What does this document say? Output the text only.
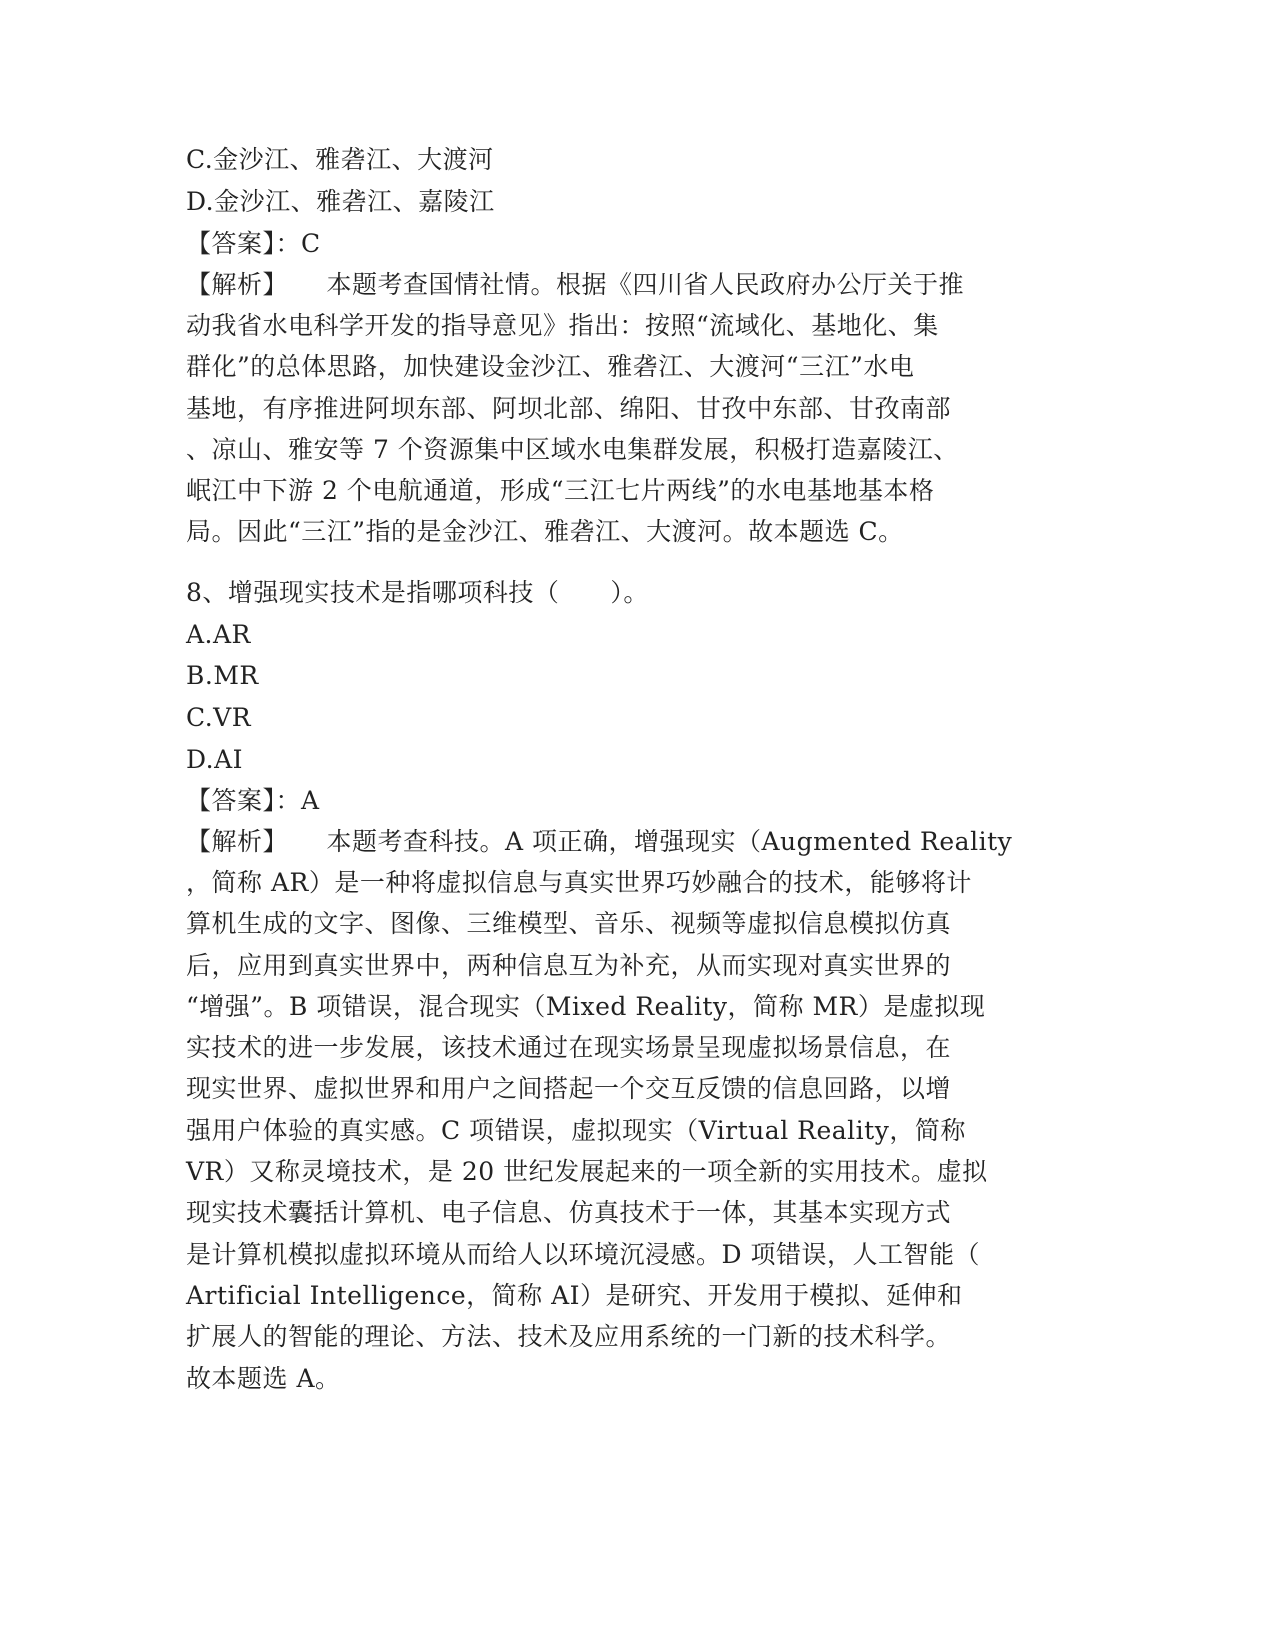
C.金沙江、雅砻江、大渡河
D.金沙江、雅砻江、嘉陵江
【答案】：C
【解析】　　本题考查国情社情。根据《四川省人民政府办公厅关于推
动我省水电科学开发的指导意见》指出：按照“流域化、基地化、集
群化”的总体思路，加快建设金沙江、雅砻江、大渡河“三江”水电
基地，有序推进阿坝东部、阿坝北部、绵阳、甘孜中东部、甘孜南部
、凉山、雅安等 7 个资源集中区域水电集群发展，积极打造嘉陵江、
岷江中下游 2 个电航通道，形成“三江七片两线”的水电基地基本格
局。因此“三江”指的是金沙江、雅砻江、大渡河。故本题选 C。
8、增强现实技术是指哪项科技（　　）。
A.AR
B.MR
C.VR
D.AI
【答案】：A
【解析】　　本题考查科技。A 项正确，增强现实（Augmented Reality
，简称 AR）是一种将虚拟信息与真实世界巧妙融合的技术，能够将计
算机生成的文字、图像、三维模型、音乐、视频等虚拟信息模拟仿真
后，应用到真实世界中，两种信息互为补充，从而实现对真实世界的
“增强”。B 项错误，混合现实（Mixed Reality，简称 MR）是虚拟现
实技术的进一步发展，该技术通过在现实场景呈现虚拟场景信息，在
现实世界、虚拟世界和用户之间搭起一个交互反馈的信息回路，以增
强用户体验的真实感。C 项错误，虚拟现实（Virtual Reality，简称
VR）又称灵境技术，是 20 世纪发展起来的一项全新的实用技术。虚拟
现实技术囊括计算机、电子信息、仿真技术于一体，其基本实现方式
是计算机模拟虚拟环境从而给人以环境沉浸感。D 项错误，人工智能（
Artificial Intelligence，简称 AI）是研究、开发用于模拟、延伸和
扩展人的智能的理论、方法、技术及应用系统的一门新的技术科学。
故本题选 A。
